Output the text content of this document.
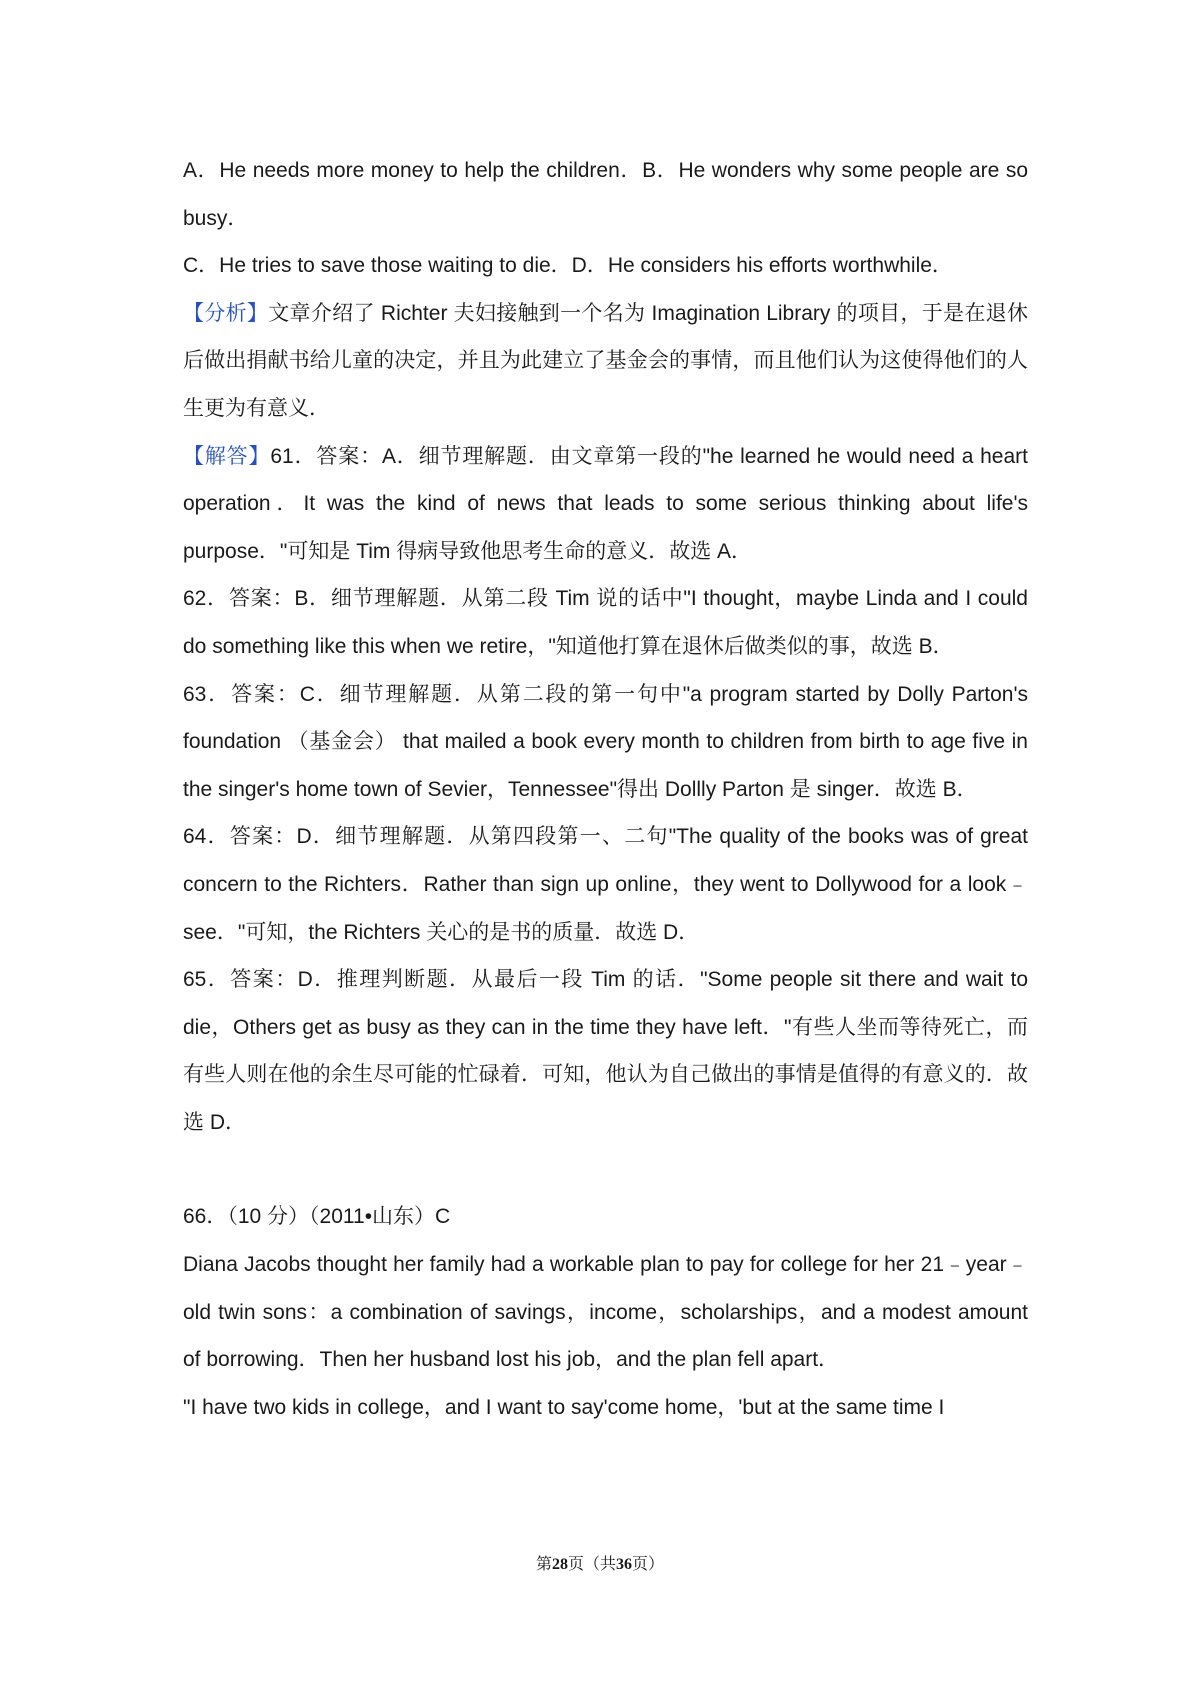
A．He needs more money to help the children．B．He wonders why some people are so busy．

C．He tries to save those waiting to die．D．He considers his efforts worthwhile．

【分析】文章介绍了 Richter 夫妇接触到一个名为 Imagination Library 的项目，于是在退休后做出捐献书给儿童的决定，并且为此建立了基金会的事情，而且他们认为这使得他们的人生更为有意义．

【解答】61．答案：A．细节理解题．由文章第一段的"he learned he would need a heart operation．It was the kind of news that leads to some serious thinking about life's purpose．"可知是 Tim 得病导致他思考生命的意义．故选 A．

62．答案：B．细节理解题．从第二段 Tim 说的话中"I thought，maybe Linda and I could do something like this when we retire，"知道他打算在退休后做类似的事，故选 B．

63．答案：C．细节理解题．从第二段的第一句中"a program started by Dolly Parton's foundation （基金会） that mailed a book every month to children from birth to age five in the singer's home town of Sevier，Tennessee"得出 Dollly Parton 是 singer．故选 B．

64．答案：D．细节理解题．从第四段第一、二句"The quality of the books was of great concern to the Richters．Rather than sign up online，they went to Dollywood for a look﹣see．"可知，the Richters 关心的是书的质量．故选 D．

65．答案：D．推理判断题．从最后一段 Tim 的话．"Some people sit there and wait to die，Others get as busy as they can in the time they have left．"有些人坐而等待死亡，而有些人则在他的余生尽可能的忙碌着．可知，他认为自己做出的事情是值得的有意义的．故选 D．

66．（10 分）（2011•山东）C

Diana Jacobs thought her family had a workable plan to pay for college for her 21﹣year﹣old twin sons：a combination of savings，income，scholarships，and a modest amount of borrowing．Then her husband lost his job，and the plan fell apart．

"I have two kids in college，and I want to say'come home，'but at the same time I

第28页（共36页）
